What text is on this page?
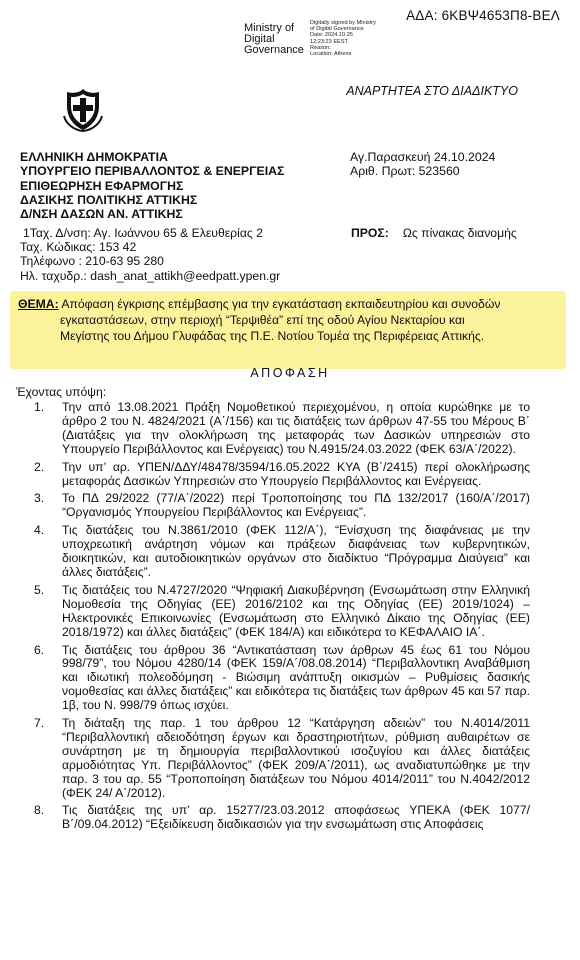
ΑΔΑ: 6ΚΒΨ4653Π8-ΒΕΛ
Ministry of
Digital
Governance
Digitally signed by Ministry
of Digital Governance
Date: 2024.10.25
12:23:23 EEST
Reason:
Location: Athens
ΑΝΑΡΤΗΤΕΑ ΣΤΟ ΔΙΑΔΙΚΤΥΟ
ΕΛΛΗΝΙΚΗ ΔΗΜΟΚΡΑΤΙΑ
ΥΠΟΥΡΓΕΙΟ ΠΕΡΙΒΑΛΛΟΝΤΟΣ & ΕΝΕΡΓΕΙΑΣ
ΕΠΙΘΕΩΡΗΣΗ ΕΦΑΡΜΟΓΗΣ
ΔΑΣΙΚΗΣ ΠΟΛΙΤΙΚΗΣ ΑΤΤΙΚΗΣ
Δ/ΝΣΗ ΔΑΣΩΝ ΑΝ. ΑΤΤΙΚΗΣ
Αγ.Παρασκευή 24.10.2024
Αριθ. Πρωτ: 523560
1Ταχ. Δ/νση: Αγ. Ιωάννου 65 & Ελευθερίας 2
Ταχ. Κώδικας: 153 42
Τηλέφωνο : 210-63 95 280
Ηλ. ταχυδρ.: dash_anat_attikh@eedpatt.ypen.gr
ΠΡΟΣ: Ως πίνακας διανομής
ΘΕΜΑ: Απόφαση έγκρισης επέμβασης για την εγκατάσταση εκπαιδευτηρίου και συνοδών
εγκαταστάσεων, στην περιοχή “Τερψιθέα” επί της οδού Αγίου Νεκταρίου και
Μεγίστης του Δήμου Γλυφάδας της Π.Ε. Νοτίου Τομέα της Περιφέρειας Αττικής.
ΑΠΟΦΑΣΗ
Έχοντας υπόψη:
1. Την από 13.08.2021 Πράξη Νομοθετικού περιεχομένου, η οποία κυρώθηκε με το άρθρο 2 του Ν. 4824/2021 (Α΄/156) και τις διατάξεις των άρθρων 47-55 του Μέρους Β΄ (Διατάξεις για την ολοκλήρωση της μεταφοράς των Δασικών υπηρεσιών στο Υπουργείο Περιβάλλοντος και Ενέργειας) του Ν.4915/24.03.2022 (ΦΕΚ 63/Α΄/2022).
2. Την υπ’ αρ. ΥΠΕΝ/ΔΔΥ/48478/3594/16.05.2022 ΚΥΑ (Β΄/2415) περί ολοκλήρωσης μεταφοράς Δασικών Υπηρεσιών στο Υπουργείο Περιβάλλοντος και Ενέργειας.
3. Το ΠΔ 29/2022 (77/Α΄/2022) περί Τροποποίησης του ΠΔ 132/2017 (160/Α΄/2017) “Οργανισμός Υπουργείου Περιβάλλοντος και Ενέργειας”.
4. Τις διατάξεις του Ν.3861/2010 (ΦΕΚ 112/Α΄), “Ενίσχυση της διαφάνειας με την υποχρεωτική ανάρτηση νόμων και πράξεων διαφάνειας των κυβερνητικών, διοικητικών, και αυτοδιοικητικών οργάνων στο διαδίκτυο “Πρόγραμμα Διαύγεια” και άλλες διατάξεις”.
5. Τις διατάξεις του Ν.4727/2020 “Ψηφιακή Διακυβέρνηση (Ενσωμάτωση στην Ελληνική Νομοθεσία της Οδηγίας (ΕΕ) 2016/2102 και της Οδηγίας (ΕΕ) 2019/1024) – Ηλεκτρονικές Επικοινωνίες (Ενσωμάτωση στο Ελληνικό Δίκαιο της Οδηγίας (ΕΕ) 2018/1972) και άλλες διατάξεις” (ΦΕΚ 184/Α) και ειδικότερα το ΚΕΦΑΛΑΙΟ ΙΑ΄.
6. Τις διατάξεις του άρθρου 36 “Αντικατάσταση των άρθρων 45 έως 61 του Νόμου 998/79”, του Νόμου 4280/14 (ΦΕΚ 159/Α΄/08.08.2014) “Περιβαλλοντικη Αναβάθμιση και ιδιωτική πολεοδόμηση - Βιώσιμη ανάπτυξη οικισμών – Ρυθμίσεις δασικής νομοθεσίας και άλλες διατάξεις” και ειδικότερα τις διατάξεις των άρθρων 45 και 57 παρ. 1β, του Ν. 998/79 όπως ισχύει.
7. Τη διάταξη της παρ. 1 του άρθρου 12 “Κατάργηση αδειών” του Ν.4014/2011 “Περιβαλλοντική αδειοδότηση έργων και δραστηριοτήτων, ρύθμιση αυθαιρέτων σε συνάρτηση με τη δημιουργία περιβαλλοντικού ισοζυγίου και άλλες διατάξεις αρμοδιότητας Υπ. Περιβάλλοντος” (ΦΕΚ 209/Α΄/2011), ως αναδιατυπώθηκε με την παρ. 3 του αρ. 55 “Τροποποίηση διατάξεων του Νόμου 4014/2011” του Ν.4042/2012 (ΦΕΚ 24/ Α΄/2012).
8. Τις διατάξεις της υπ’ αρ. 15277/23.03.2012 αποφάσεως ΥΠΕΚΑ (ΦΕΚ 1077/Β΄/09.04.2012) “Εξειδίκευση διαδικασιών για την ενσωμάτωση στις Αποφάσεις
